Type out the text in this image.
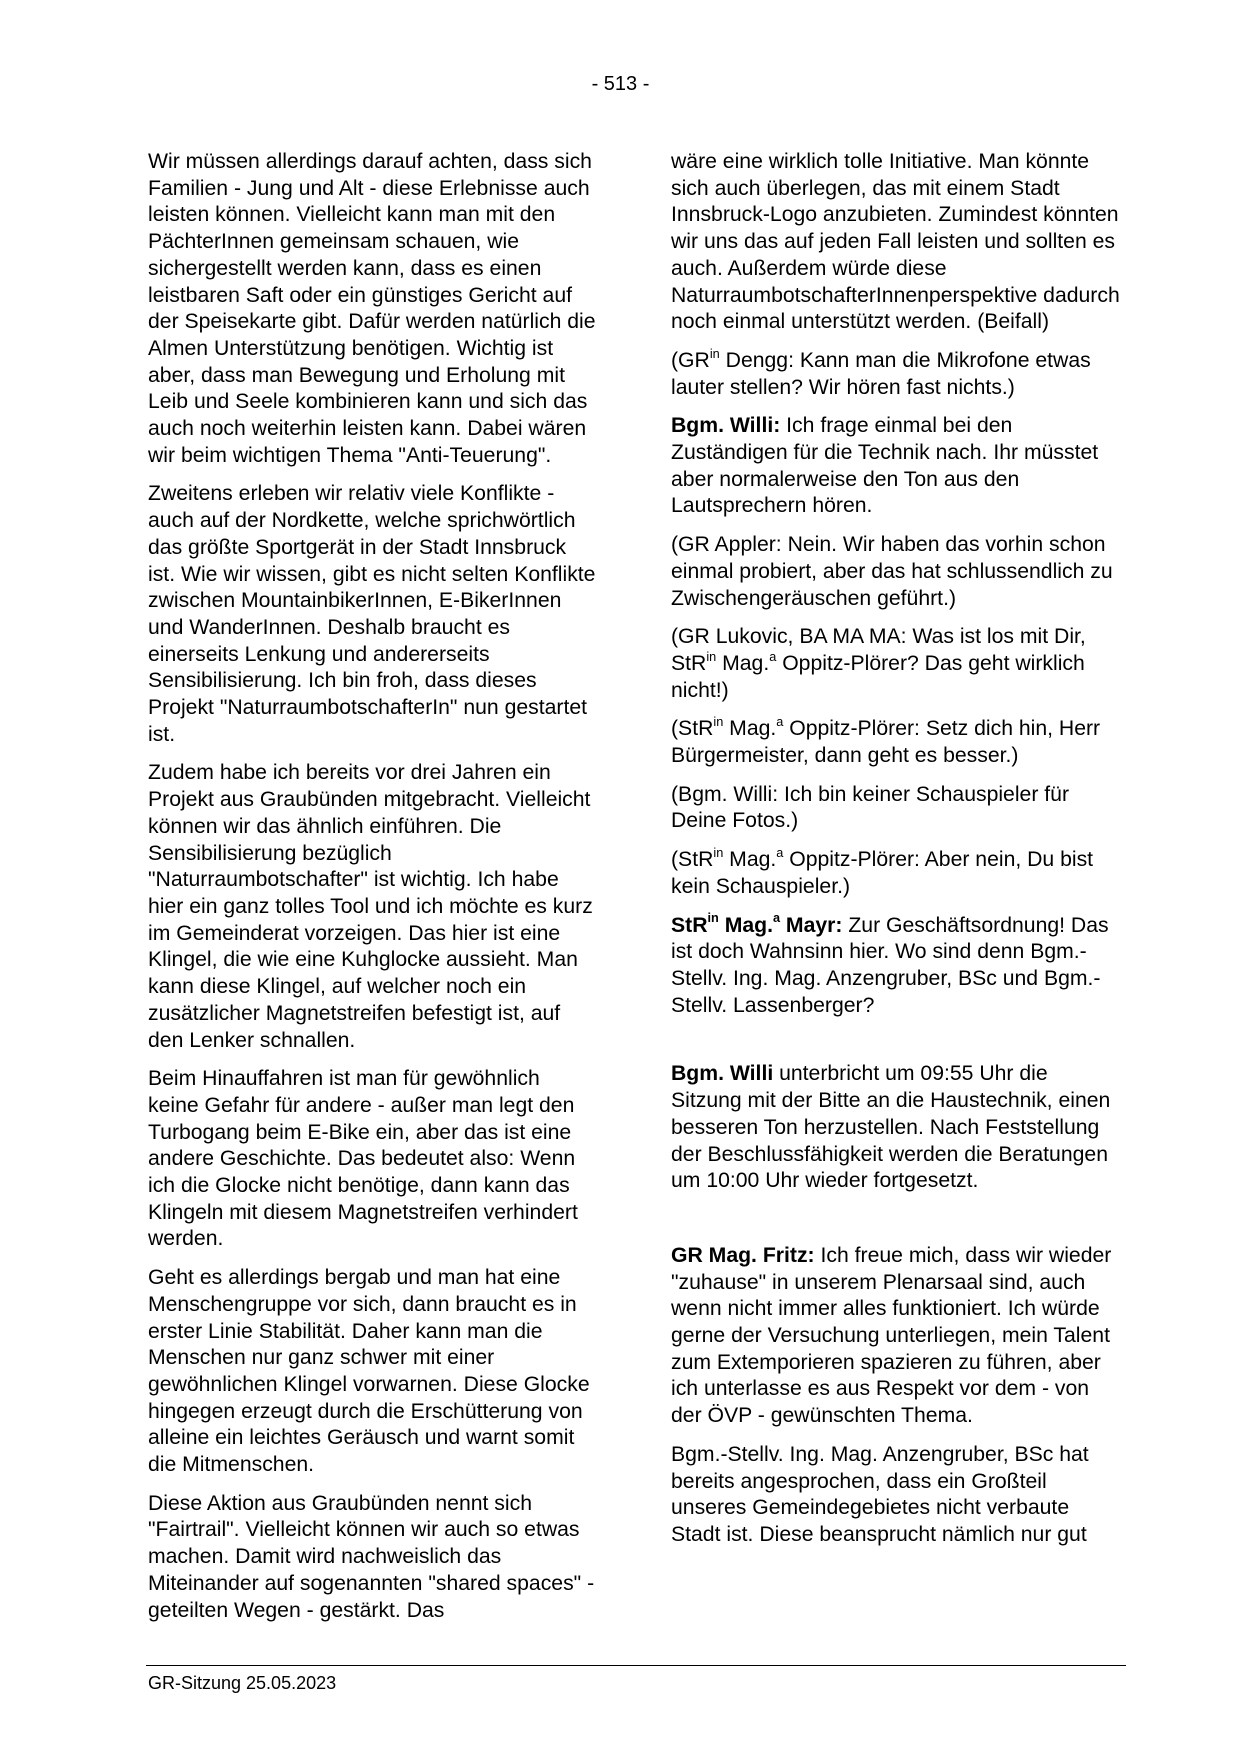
- 513 -

Wir müssen allerdings darauf achten, dass sich Familien - Jung und Alt - diese Erlebnisse auch leisten können. Vielleicht kann man mit den PächterInnen gemeinsam schauen, wie sichergestellt werden kann, dass es einen leistbaren Saft oder ein günstiges Gericht auf der Speisekarte gibt. Dafür werden natürlich die Almen Unterstützung benötigen. Wichtig ist aber, dass man Bewegung und Erholung mit Leib und Seele kombinieren kann und sich das auch noch weiterhin leisten kann. Dabei wären wir beim wichtigen Thema "Anti-Teuerung".

Zweitens erleben wir relativ viele Konflikte - auch auf der Nordkette, welche sprichwörtlich das größte Sportgerät in der Stadt Innsbruck ist. Wie wir wissen, gibt es nicht selten Konflikte zwischen MountainbikerInnen, E-BikerInnen und WanderInnen. Deshalb braucht es einerseits Lenkung und andererseits Sensibilisierung. Ich bin froh, dass dieses Projekt "NaturraumbotschafterIn" nun gestartet ist.

Zudem habe ich bereits vor drei Jahren ein Projekt aus Graubünden mitgebracht. Vielleicht können wir das ähnlich einführen. Die Sensibilisierung bezüglich "Naturraumbotschafter" ist wichtig. Ich habe hier ein ganz tolles Tool und ich möchte es kurz im Gemeinderat vorzeigen. Das hier ist eine Klingel, die wie eine Kuhglocke aussieht. Man kann diese Klingel, auf welcher noch ein zusätzlicher Magnetstreifen befestigt ist, auf den Lenker schnallen.

Beim Hinauffahren ist man für gewöhnlich keine Gefahr für andere - außer man legt den Turbogang beim E-Bike ein, aber das ist eine andere Geschichte. Das bedeutet also: Wenn ich die Glocke nicht benötige, dann kann das Klingeln mit diesem Magnetstreifen verhindert werden.

Geht es allerdings bergab und man hat eine Menschengruppe vor sich, dann braucht es in erster Linie Stabilität. Daher kann man die Menschen nur ganz schwer mit einer gewöhnlichen Klingel vorwarnen. Diese Glocke hingegen erzeugt durch die Erschütterung von alleine ein leichtes Geräusch und warnt somit die Mitmenschen.

Diese Aktion aus Graubünden nennt sich "Fairtrail". Vielleicht können wir auch so etwas machen. Damit wird nachweislich das Miteinander auf sogenannten "shared spaces" - geteilten Wegen - gestärkt. Das

wäre eine wirklich tolle Initiative. Man könnte sich auch überlegen, das mit einem Stadt Innsbruck-Logo anzubieten. Zumindest könnten wir uns das auf jeden Fall leisten und sollten es auch. Außerdem würde diese NaturraumbotschafterInnenperspektive dadurch noch einmal unterstützt werden. (Beifall)

($GR^{in}$ Dengg: Kann man die Mikrofone etwas lauter stellen? Wir hören fast nichts.)

Bgm. Willi: Ich frage einmal bei den Zuständigen für die Technik nach. Ihr müsstet aber normalerweise den Ton aus den Lautsprechern hören.

(GR Appler: Nein. Wir haben das vorhin schon einmal probiert, aber das hat schlussendlich zu Zwischengeräuschen geführt.)

(GR Lukovic, BA MA MA: Was ist los mit Dir, StR$^{in}$ Mag.$^a$ Oppitz-Plörer? Das geht wirklich nicht!)

(StR$^{in}$ Mag.$^a$ Oppitz-Plörer: Setz dich hin, Herr Bürgermeister, dann geht es besser.)

(Bgm. Willi: Ich bin keiner Schauspieler für Deine Fotos.)

(StR$^{in}$ Mag.$^a$ Oppitz-Plörer: Aber nein, Du bist kein Schauspieler.)

StR$^{in}$ Mag.$^a$ Mayr: Zur Geschäftsordnung! Das ist doch Wahnsinn hier. Wo sind denn Bgm.-Stellv. Ing. Mag. Anzengruber, BSc und Bgm.-Stellv. Lassenberger?

Bgm. Willi unterbricht um 09:55 Uhr die Sitzung mit der Bitte an die Haustechnik, einen besseren Ton herzustellen. Nach Feststellung der Beschlussfähigkeit werden die Beratungen um 10:00 Uhr wieder fortgesetzt.

GR Mag. Fritz: Ich freue mich, dass wir wieder "zuhause" in unserem Plenarsaal sind, auch wenn nicht immer alles funktioniert. Ich würde gerne der Versuchung unterliegen, mein Talent zum Extemporieren spazieren zu führen, aber ich unterlasse es aus Respekt vor dem - von der ÖVP - gewünschten Thema.

Bgm.-Stellv. Ing. Mag. Anzengruber, BSc hat bereits angesprochen, dass ein Großteil unseres Gemeindegebietes nicht verbaute Stadt ist. Diese beansprucht nämlich nur gut

GR-Sitzung 25.05.2023
